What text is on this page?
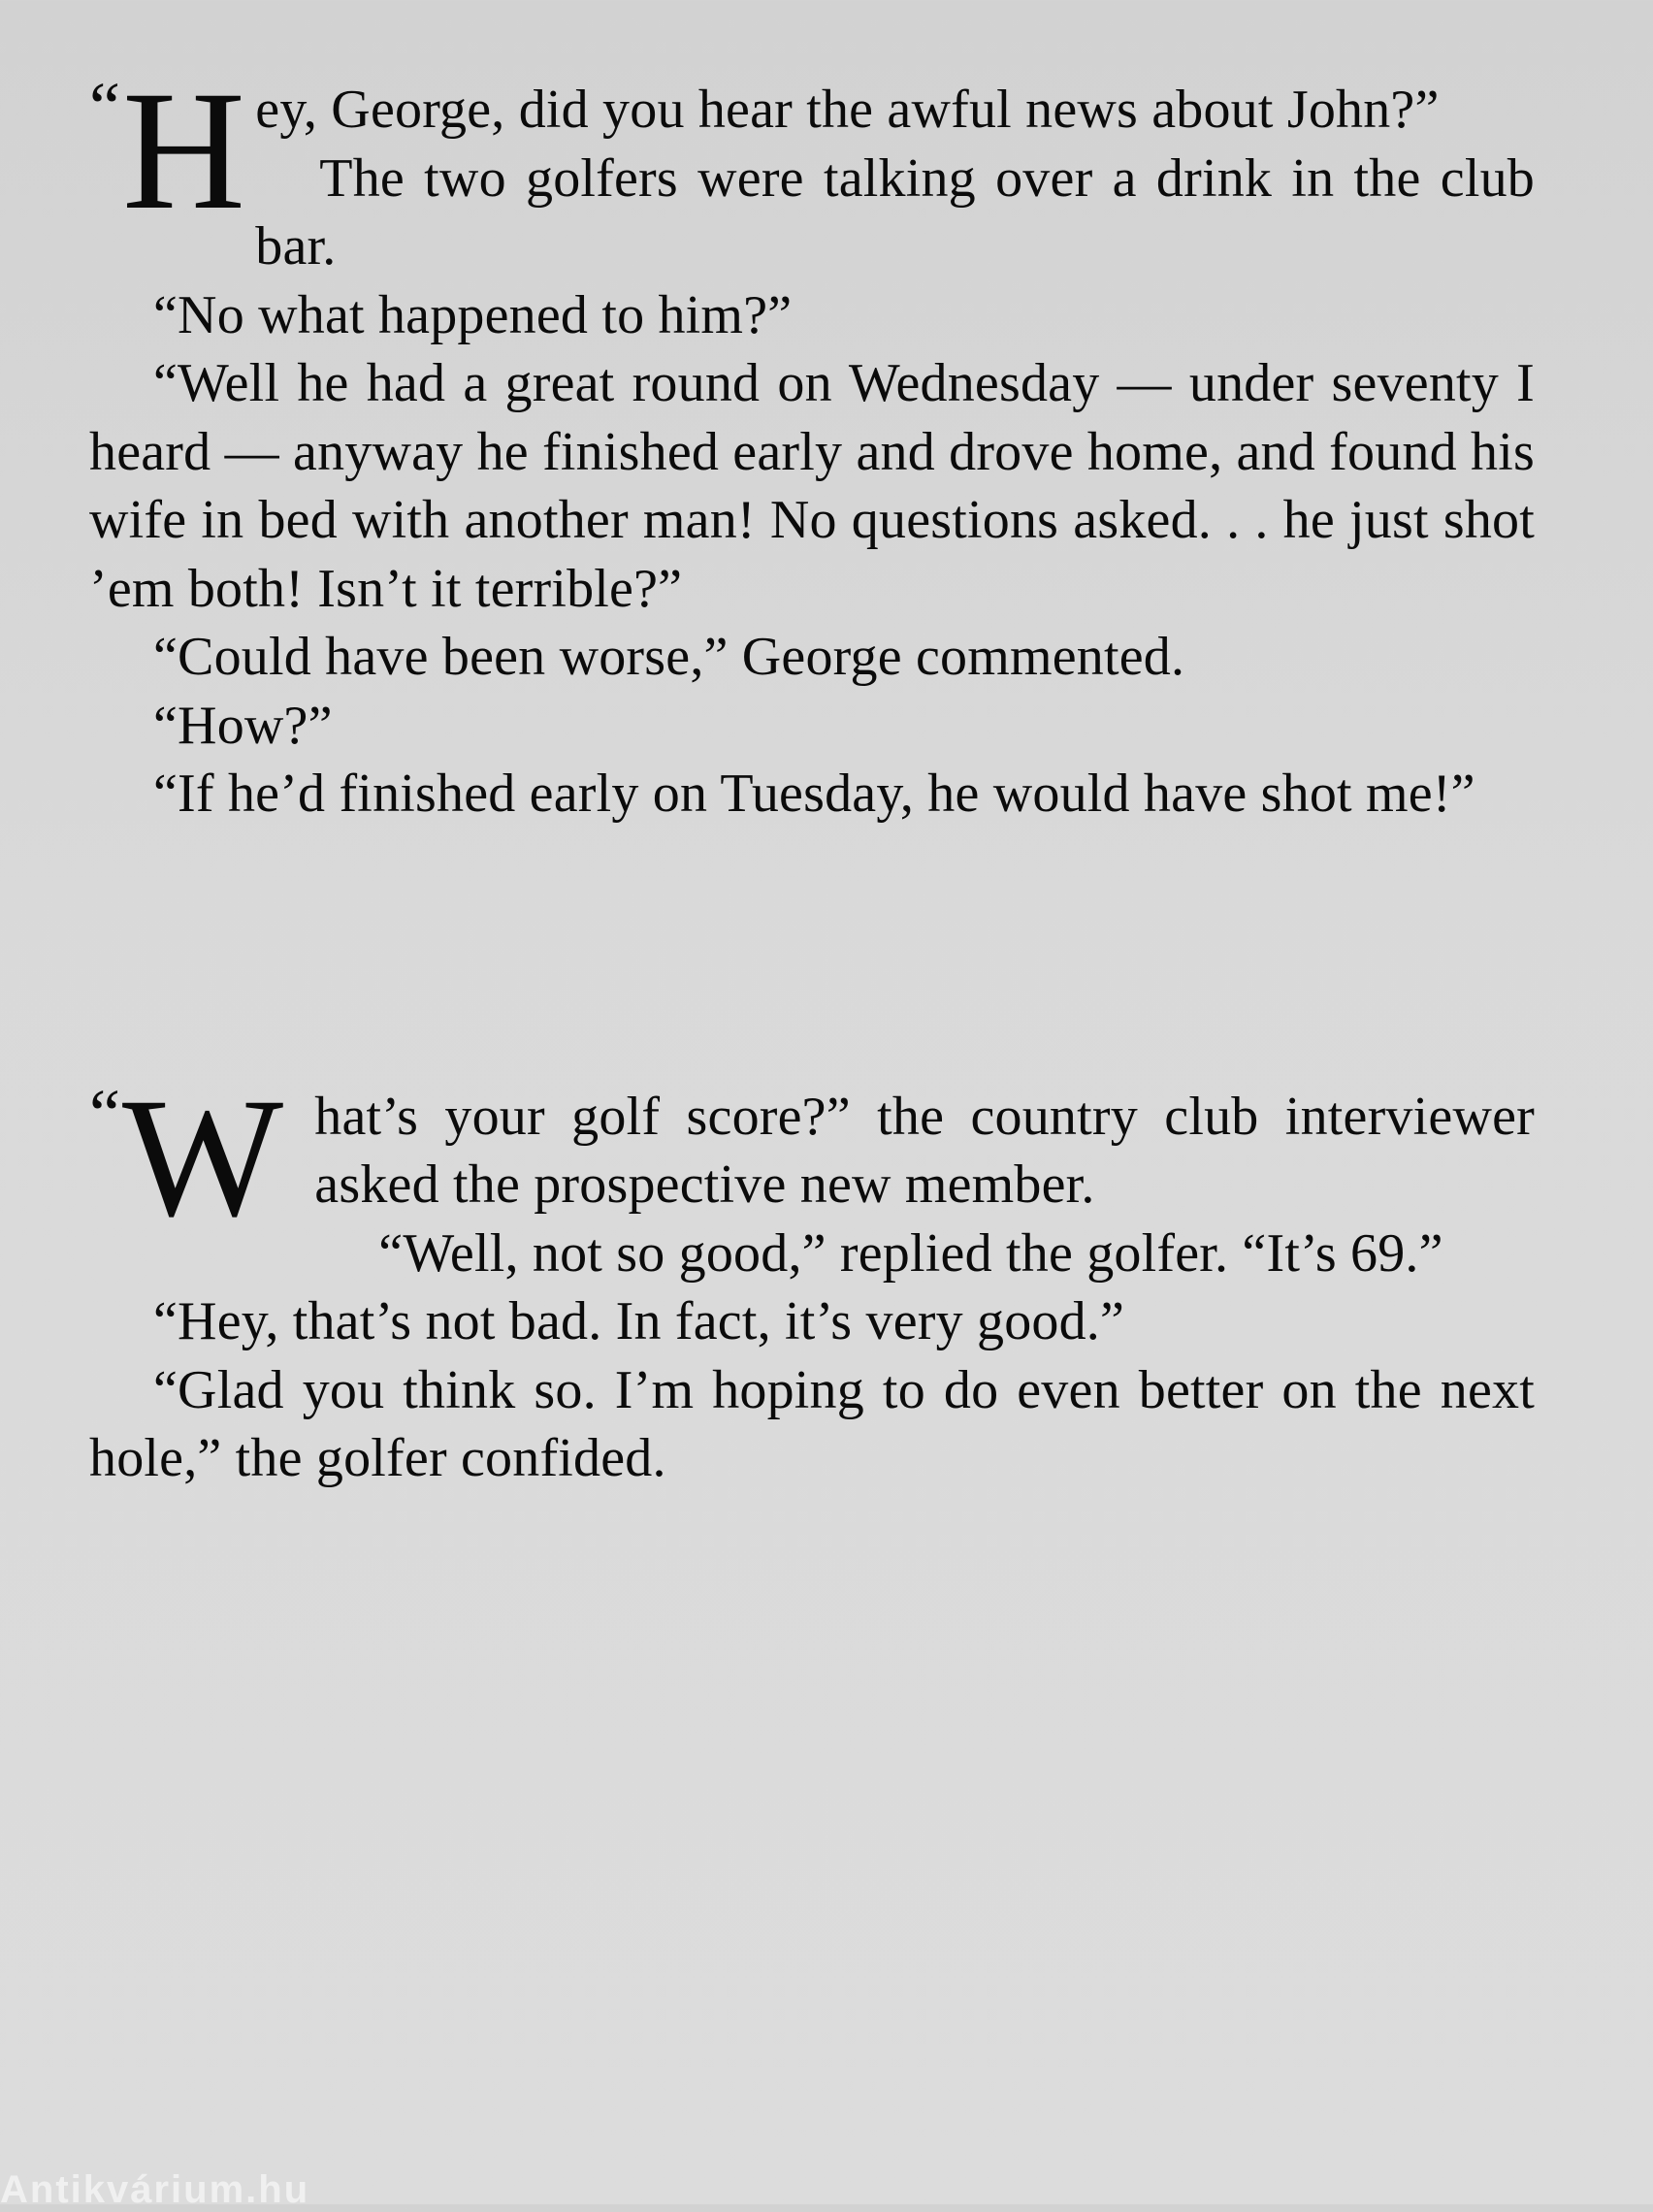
“ H ey, George, did you hear the awful news about John?”

The two golfers were talking over a drink in the club bar.

“No what happened to him?”

“Well he had a great round on Wednesday — under seventy I heard — anyway he finished early and drove home, and found his wife in bed with another man! No questions asked. . . he just shot ’em both! Isn’t it terrible?”

“Could have been worse,” George commented.

“How?”

“If he’d finished early on Tuesday, he would have shot me!”

“ W hat’s your golf score?” the country club interviewer asked the prospective new member.

“Well, not so good,” replied the golfer. “It’s 69.”

“Hey, that’s not bad. In fact, it’s very good.”

“Glad you think so. I’m hoping to do even better on the next hole,” the golfer confided.

Antikvárium.hu
